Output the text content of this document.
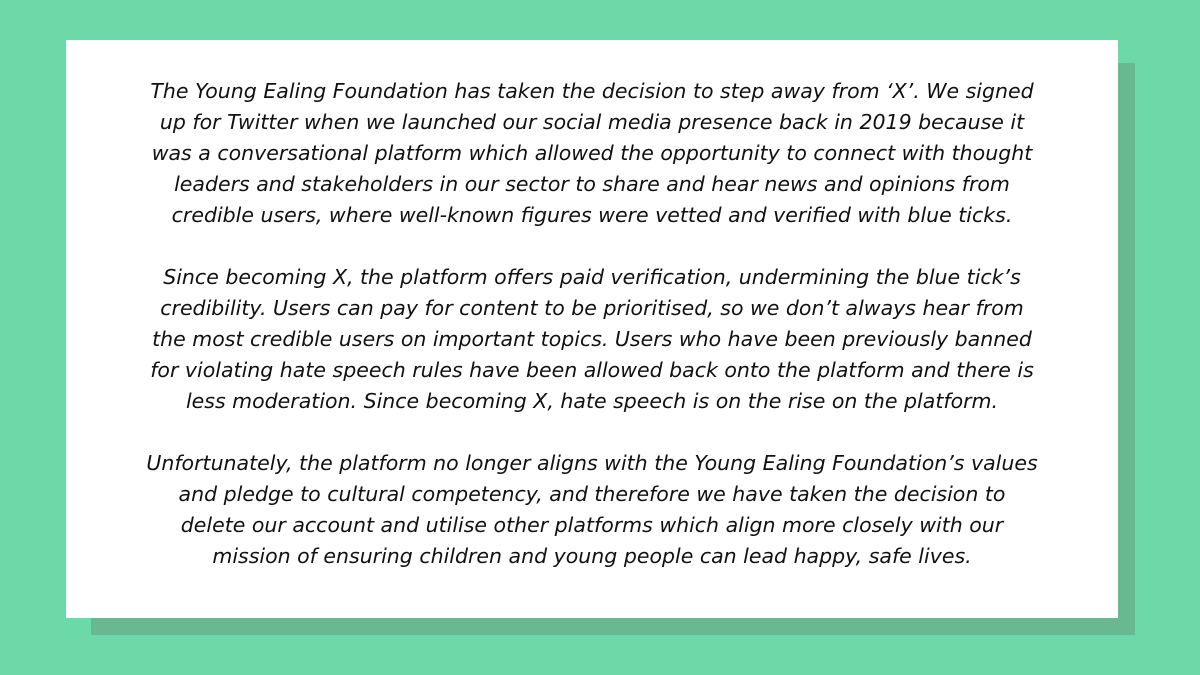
The Young Ealing Foundation has taken the decision to step away from ‘X’. We signed
up for Twitter when we launched our social media presence back in 2019 because it
was a conversational platform which allowed the opportunity to connect with thought
leaders and stakeholders in our sector to share and hear news and opinions from
credible users, where well-known figures were vetted and verified with blue ticks.

Since becoming X, the platform offers paid verification, undermining the blue tick’s
credibility. Users can pay for content to be prioritised, so we don’t always hear from
the most credible users on important topics. Users who have been previously banned
for violating hate speech rules have been allowed back onto the platform and there is
less moderation. Since becoming X, hate speech is on the rise on the platform.

Unfortunately, the platform no longer aligns with the Young Ealing Foundation’s values
and pledge to cultural competency, and therefore we have taken the decision to
delete our account and utilise other platforms which align more closely with our
mission of ensuring children and young people can lead happy, safe lives.
